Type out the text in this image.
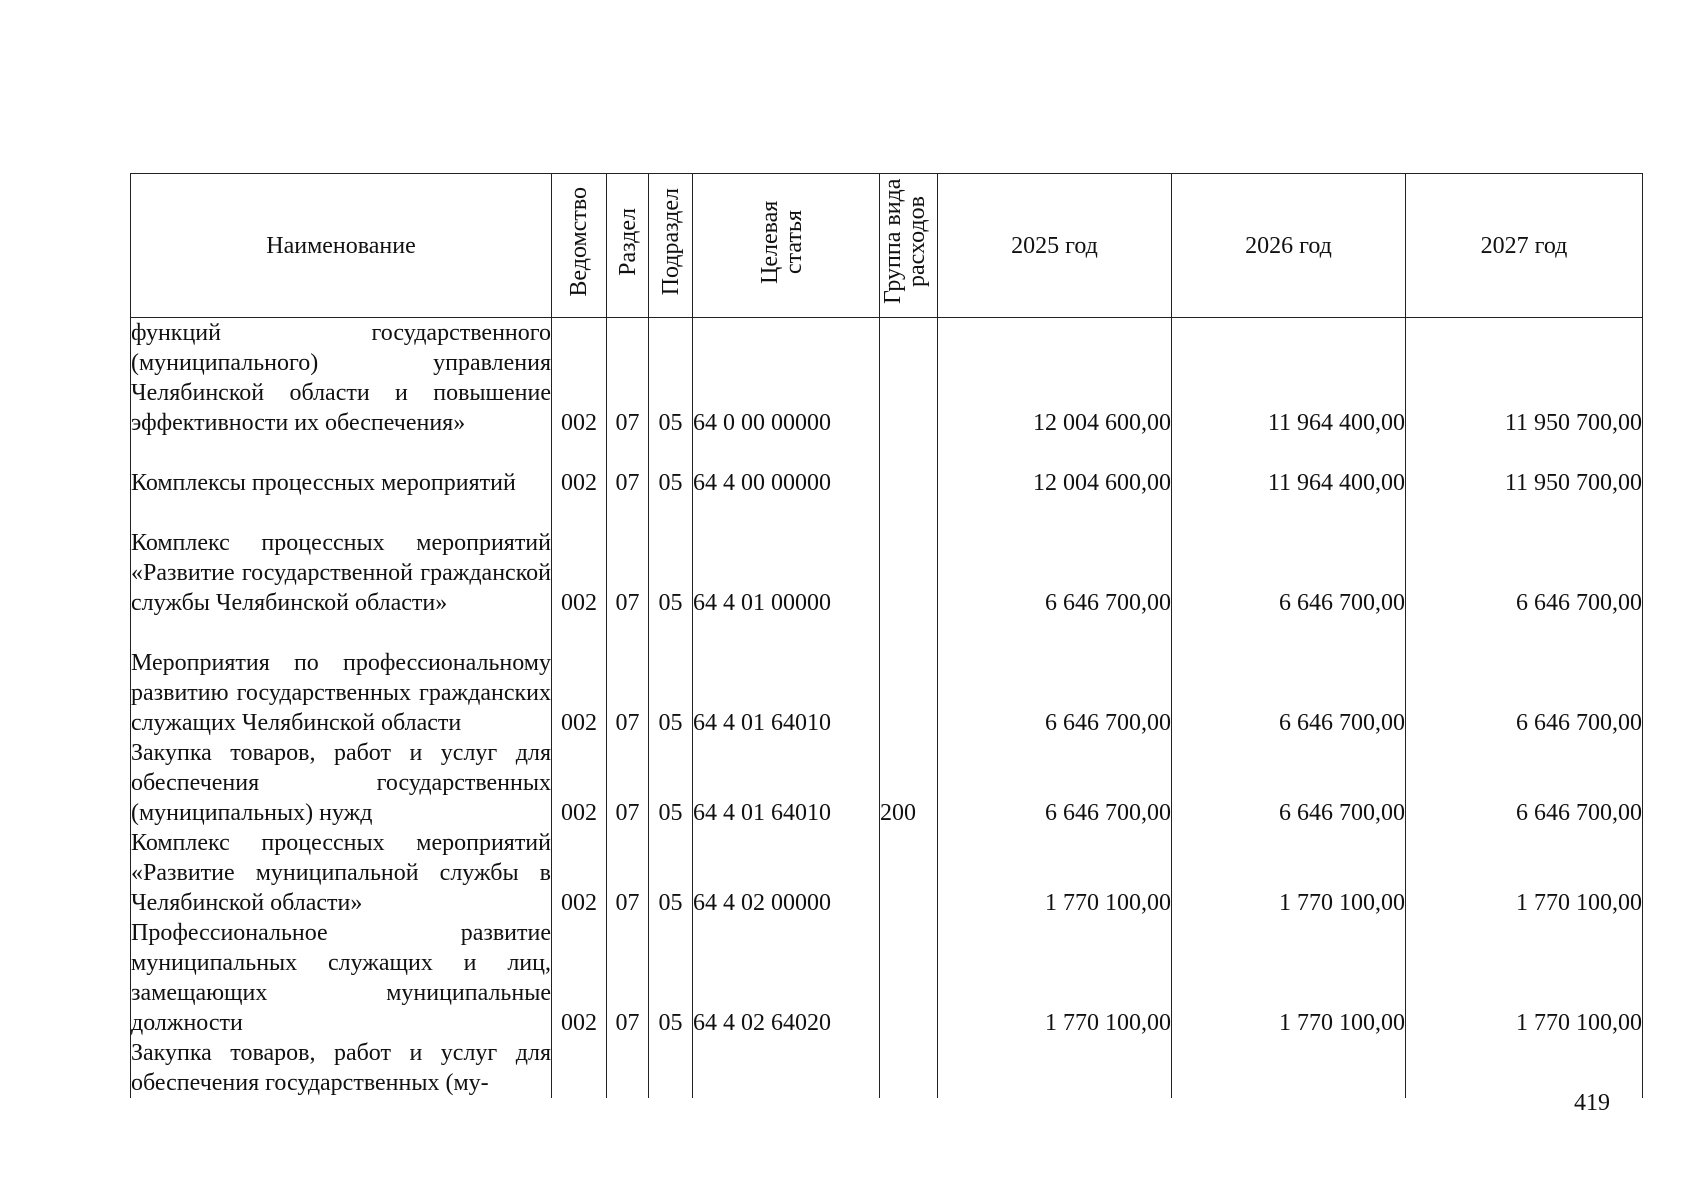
Наименование	Ведомство	Раздел	Подраздел	Целевая статья	Группа вида расходов	2025 год	2026 год	2027 год
функций государственного (муниципального) управления Челябинской области и повышение эффективности их обеспечения»	002	07	05	64 0 00 00000		12 004 600,00	11 964 400,00	11 950 700,00
Комплексы процессных мероприятий	002	07	05	64 4 00 00000		12 004 600,00	11 964 400,00	11 950 700,00
Комплекс процессных мероприятий «Развитие государственной гражданской службы Челябинской области»	002	07	05	64 4 01 00000		6 646 700,00	6 646 700,00	6 646 700,00
Мероприятия по профессиональному развитию государственных гражданских служащих Челябинской области	002	07	05	64 4 01 64010		6 646 700,00	6 646 700,00	6 646 700,00
Закупка товаров, работ и услуг для обеспечения государственных (муниципальных) нужд	002	07	05	64 4 01 64010	200	6 646 700,00	6 646 700,00	6 646 700,00
Комплекс процессных мероприятий «Развитие муниципальной службы в Челябинской области»	002	07	05	64 4 02 00000		1 770 100,00	1 770 100,00	1 770 100,00
Профессиональное развитие муниципальных служащих и лиц, замещающих муниципальные должности	002	07	05	64 4 02 64020		1 770 100,00	1 770 100,00	1 770 100,00
Закупка товаров, работ и услуг для обеспечения государственных (му-								
419
